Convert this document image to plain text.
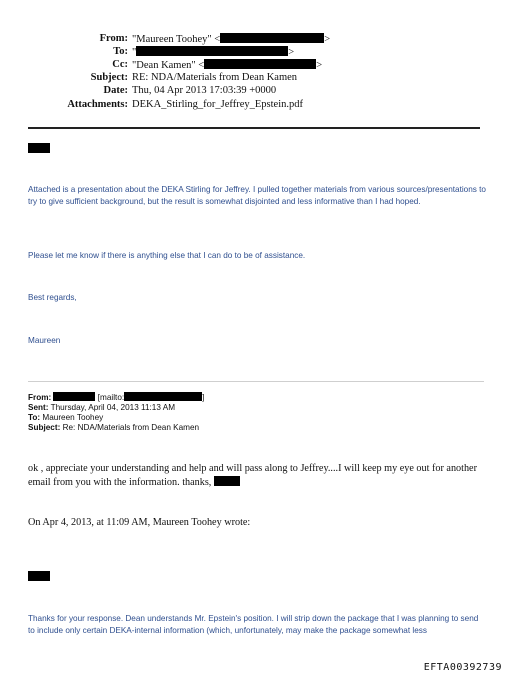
From: "Maureen Toohey" <	>
To: "	>
Cc: "Dean Kamen" <	>
Subject: RE: NDA/Materials from Dean Kamen
Date: Thu, 04 Apr 2013 17:03:39 +0000
Attachments: DEKA_Stirling_for_Jeffrey_Epstein.pdf
Attached is a presentation about the DEKA Stirling for Jeffrey. I pulled together materials from various sources/presentations to try to give sufficient background, but the result is somewhat disjointed and less informative than I had hoped.
Please let me know if there is anything else that I can do to be of assistance.
Best regards,
Maureen
From:	[mailto:	]
Sent: Thursday, April 04, 2013 11:13 AM
To: Maureen Toohey
Subject: Re: NDA/Materials from Dean Kamen
ok , appreciate your understanding and help and will pass along to Jeffrey....I will keep my eye out for another email from you with the information. thanks,
On Apr 4, 2013, at 11:09 AM, Maureen Toohey wrote:
Thanks for your response. Dean understands Mr. Epstein's position. I will strip down the package that I was planning to send to include only certain DEKA-internal information (which, unfortunately, may make the package somewhat less
EFTA00392739
